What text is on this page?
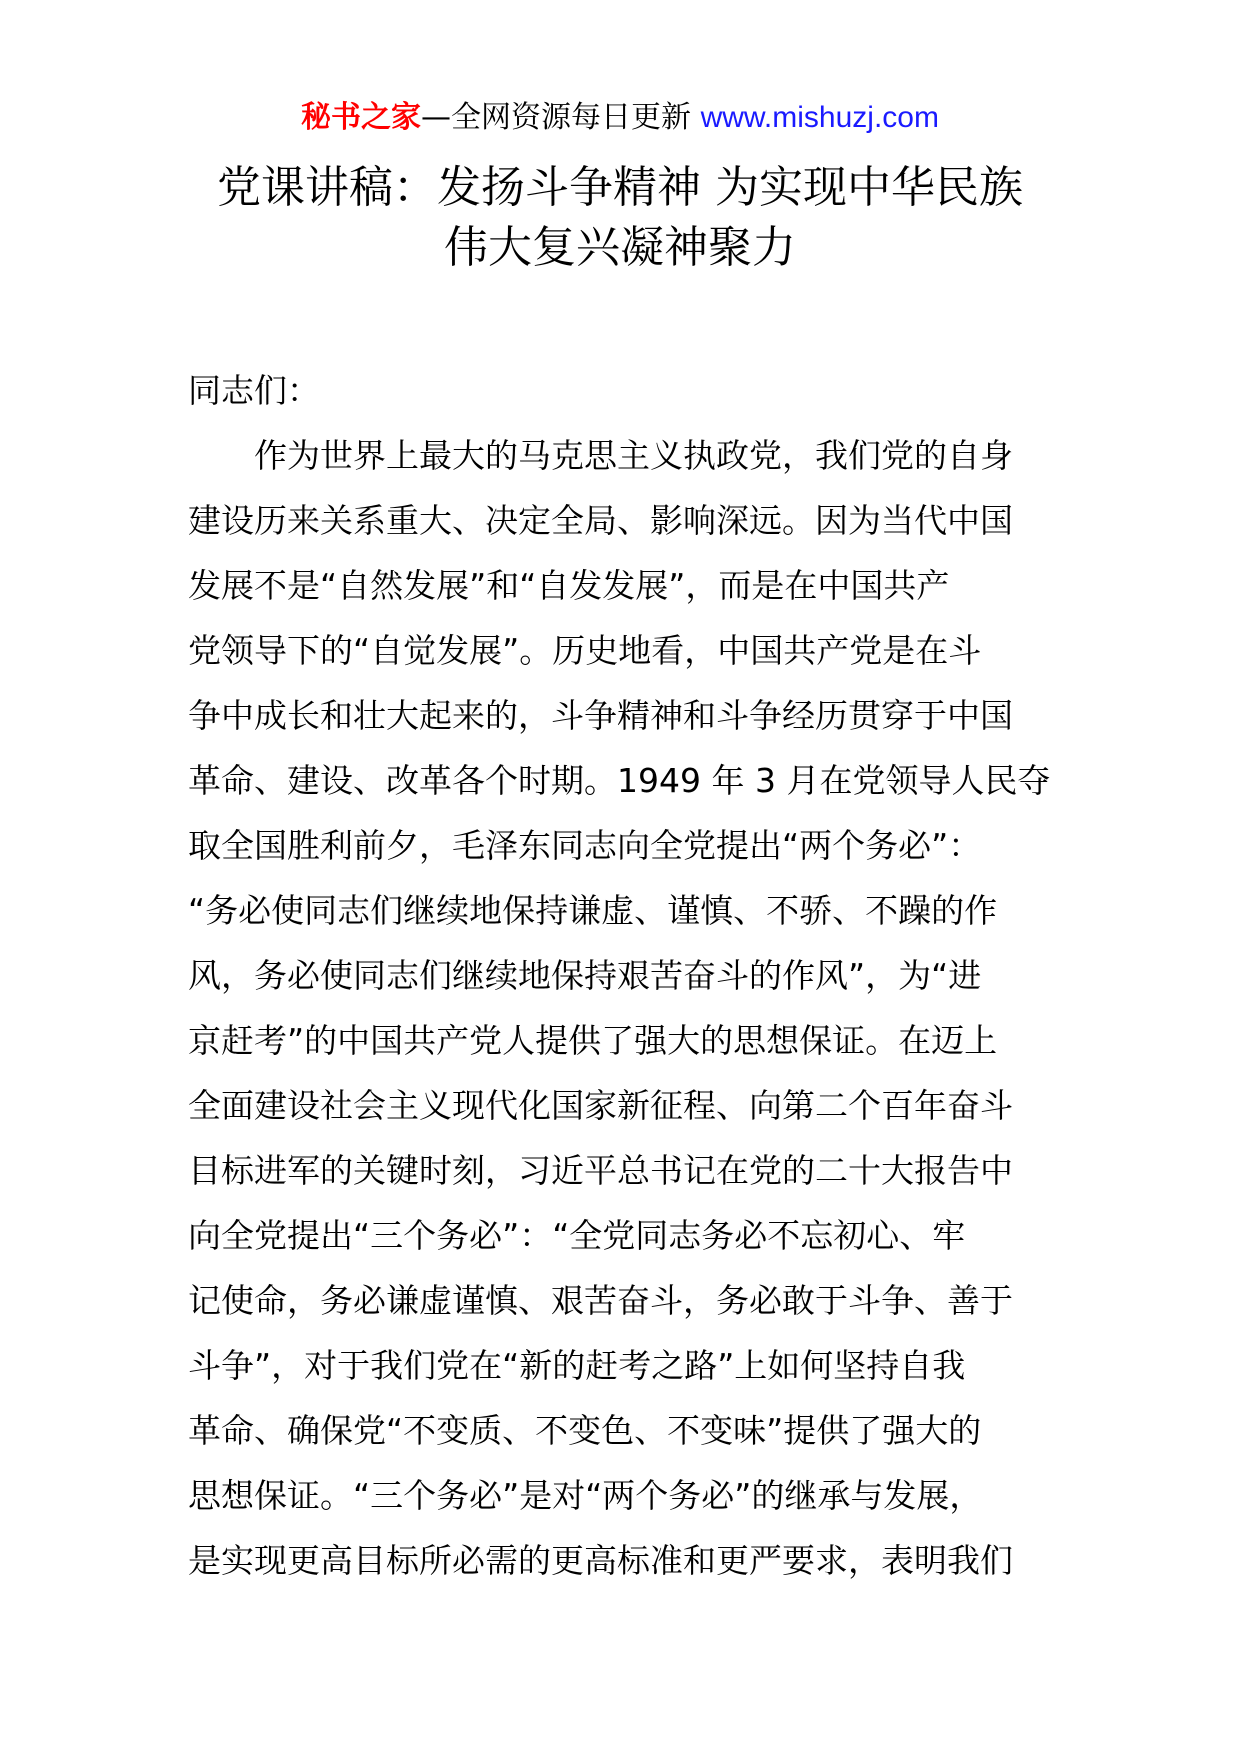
秘书之家—全网资源每日更新 www.mishuzj.com
党课讲稿：发扬斗争精神 为实现中华民族
伟大复兴凝神聚力
同志们：
　　作为世界上最大的马克思主义执政党，我们党的自身
建设历来关系重大、决定全局、影响深远。因为当代中国
发展不是“自然发展”和“自发发展”，而是在中国共产
党领导下的“自觉发展”。历史地看，中国共产党是在斗
争中成长和壮大起来的，斗争精神和斗争经历贯穿于中国
革命、建设、改革各个时期。1949 年 3 月在党领导人民夺
取全国胜利前夕，毛泽东同志向全党提出“两个务必”：
“务必使同志们继续地保持谦虚、谨慎、不骄、不躁的作
风，务必使同志们继续地保持艰苦奋斗的作风”，为“进
京赶考”的中国共产党人提供了强大的思想保证。在迈上
全面建设社会主义现代化国家新征程、向第二个百年奋斗
目标进军的关键时刻，习近平总书记在党的二十大报告中
向全党提出“三个务必”：“全党同志务必不忘初心、牢
记使命，务必谦虚谨慎、艰苦奋斗，务必敢于斗争、善于
斗争”，对于我们党在“新的赶考之路”上如何坚持自我
革命、确保党“不变质、不变色、不变味”提供了强大的
思想保证。“三个务必”是对“两个务必”的继承与发展，
是实现更高目标所必需的更高标准和更严要求，表明我们
